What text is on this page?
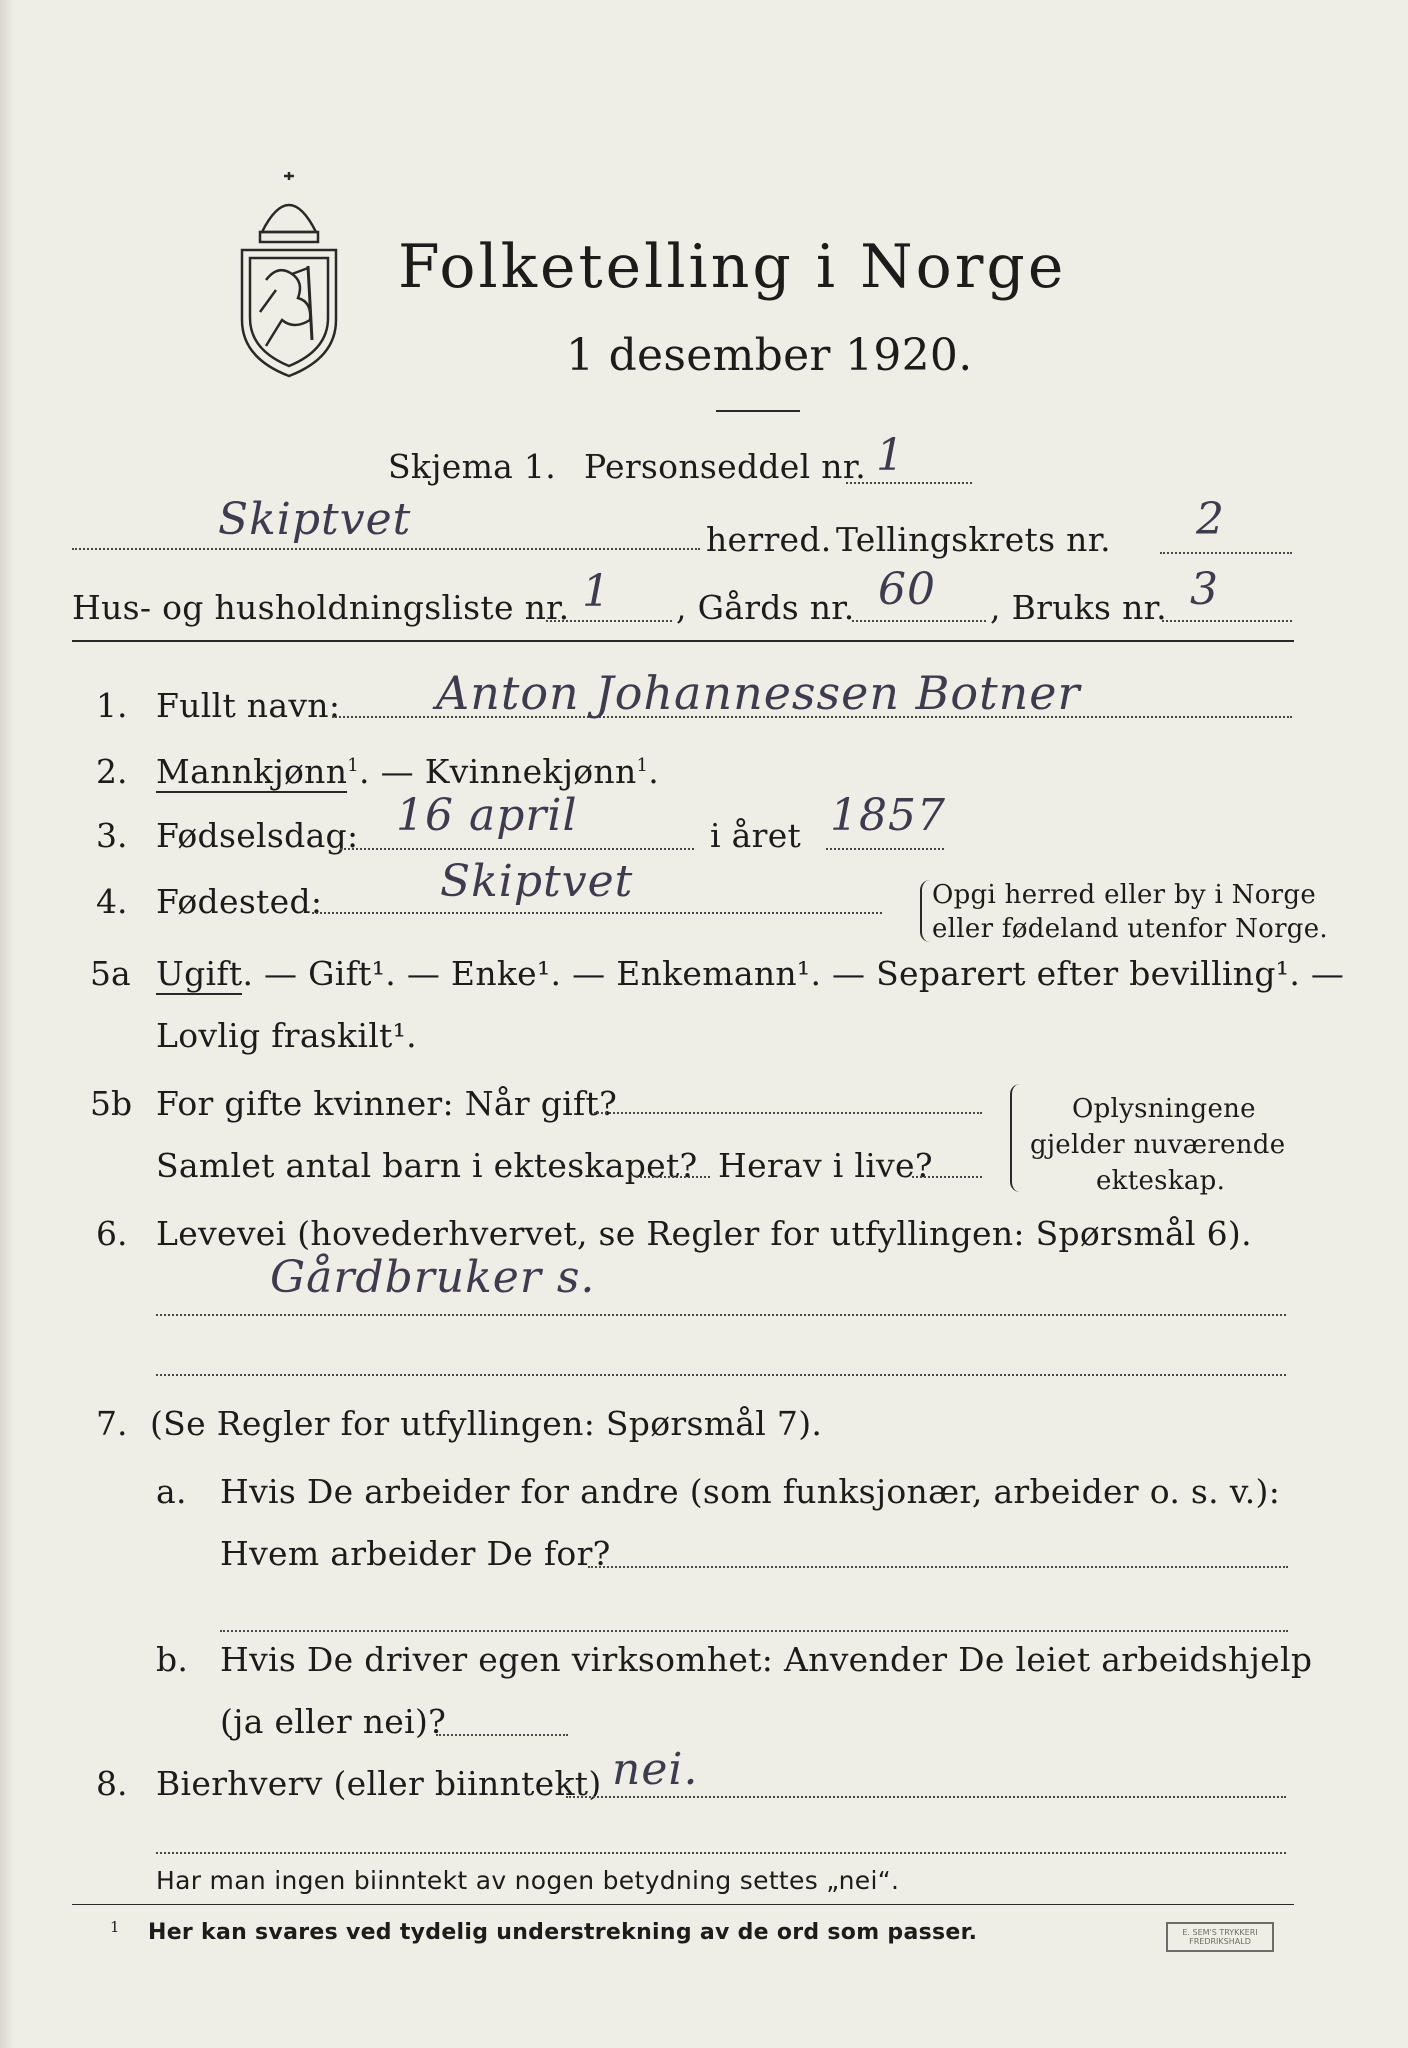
Folketelling i Norge
1 desember 1920.
Skjema 1. Personseddel nr. 1
Skiptvet	herred. Tellingskrets nr. 2
Hus- og husholdningsliste nr. 1 , Gårds nr. 60 , Bruks nr. 3
1. Fullt navn: Anton Johannessen Botner
2. Mannkjønn$^1$. — Kvinnekjønn$^1$.
3. Fødselsdag: 16 april	i året 1857
4. Fødested:	Skiptvet	Opgi herred eller by i Norge
eller fødeland utenfor Norge.
5a Ugift. — Gift¹. — Enke¹. — Enkemann¹. — Separert efter bevilling¹. —
Lovlig fraskilt¹.
5b For gifte kvinner: Når gift?
Samlet antal barn i ekteskapet? Herav i live?
Oplysningene
gjelder nuværende
ekteskap.
6. Levevei (hovederhvervet, se Regler for utfyllingen: Spørsmål 6).
Gårdbruker s.
7. (Se Regler for utfyllingen: Spørsmål 7).
a. Hvis De arbeider for andre (som funksjonær, arbeider o. s. v.):
Hvem arbeider De for?
b. Hvis De driver egen virksomhet: Anvender De leiet arbeidshjelp
(ja eller nei)?
8. Bierhverv (eller biinntekt) nei.
Har man ingen biinntekt av nogen betydning settes „nei“.
1 Her kan svares ved tydelig understrekning av de ord som passer.	E. SEM'S TRYKKERI
FREDRIKSHALD
